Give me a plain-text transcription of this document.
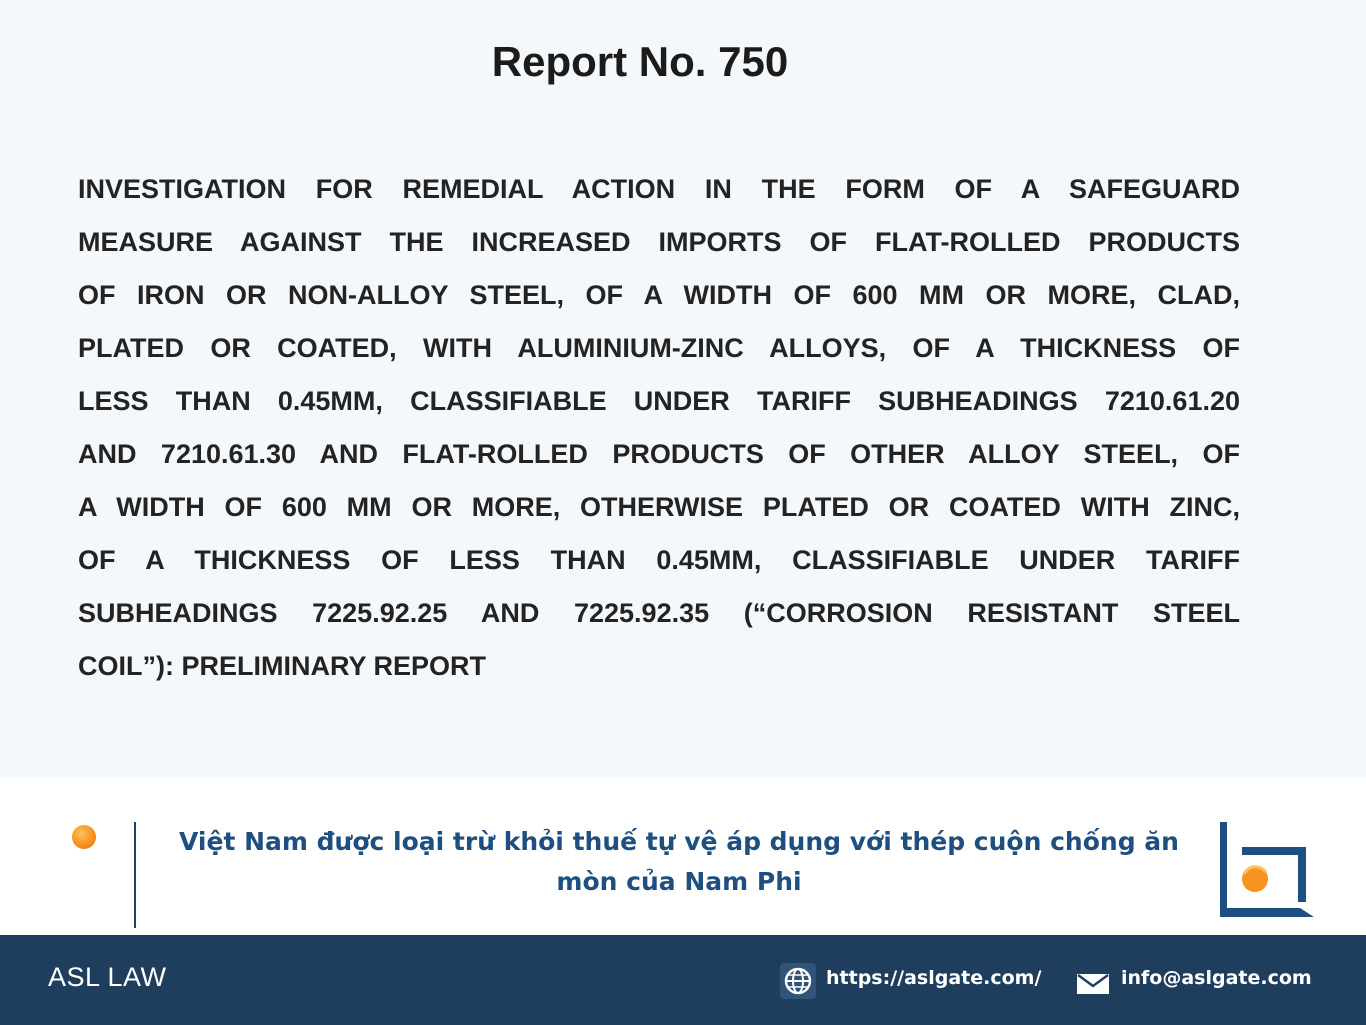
Report No. 750
INVESTIGATION FOR REMEDIAL ACTION IN THE FORM OF A SAFEGUARD
MEASURE AGAINST THE INCREASED IMPORTS OF FLAT-ROLLED PRODUCTS
OF IRON OR NON-ALLOY STEEL, OF A WIDTH OF 600 MM OR MORE, CLAD,
PLATED OR COATED, WITH ALUMINIUM-ZINC ALLOYS, OF A THICKNESS OF
LESS THAN 0.45MM, CLASSIFIABLE UNDER TARIFF SUBHEADINGS 7210.61.20
AND 7210.61.30 AND FLAT-ROLLED PRODUCTS OF OTHER ALLOY STEEL, OF
A WIDTH OF 600 MM OR MORE, OTHERWISE PLATED OR COATED WITH ZINC,
OF A THICKNESS OF LESS THAN 0.45MM, CLASSIFIABLE UNDER TARIFF
SUBHEADINGS 7225.92.25 AND 7225.92.35 (“CORROSION RESISTANT STEEL
COIL”): PRELIMINARY REPORT
Việt Nam được loại trừ khỏi thuế tự vệ áp dụng với thép cuộn chống ăn mòn của Nam Phi
ASL LAW	https://aslgate.com/	info@aslgate.com
